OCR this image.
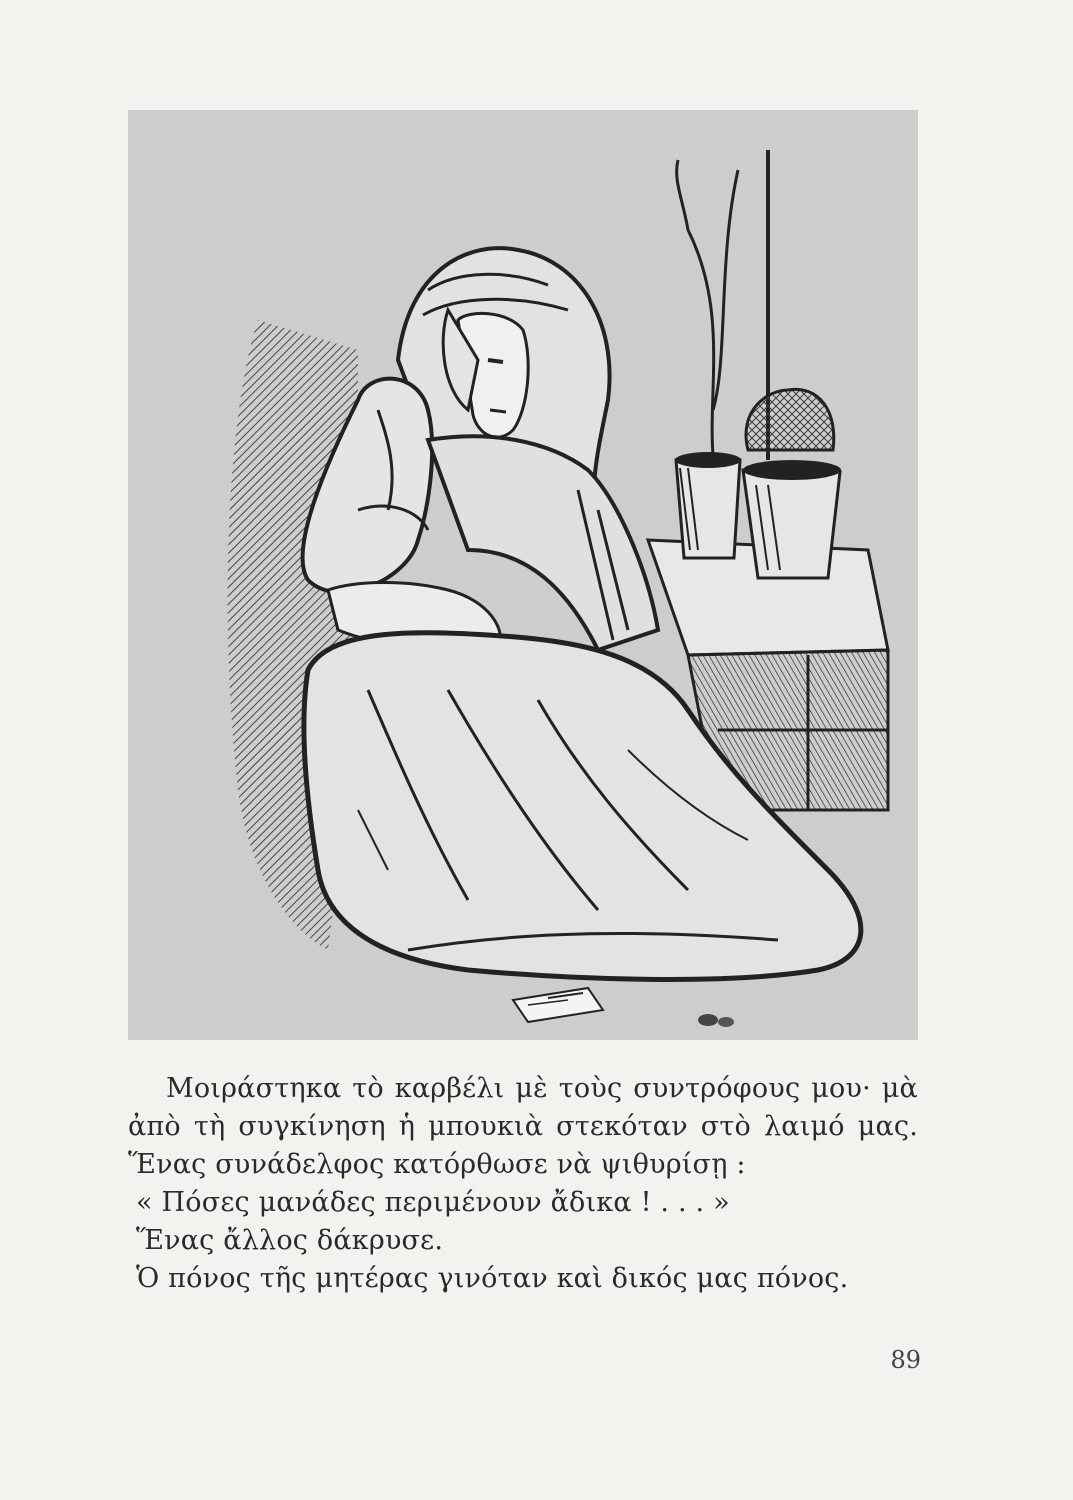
Μοιράστηκα τὸ καρβέλι μὲ τοὺς συντρόφους μου· μὰ ἀπὸ τὴ συγκίνηση ἡ μπουκιὰ στεκόταν στὸ λαιμό μας. Ἕνας συνάδελφος κατόρθωσε νὰ ψιθυρίσῃ :

« Πόσες μανάδες περιμένουν ἄδικα ! . . . »
Ἕνας ἄλλος δάκρυσε.
Ὁ πόνος τῆς μητέρας γινόταν καὶ δικός μας πόνος.
89
